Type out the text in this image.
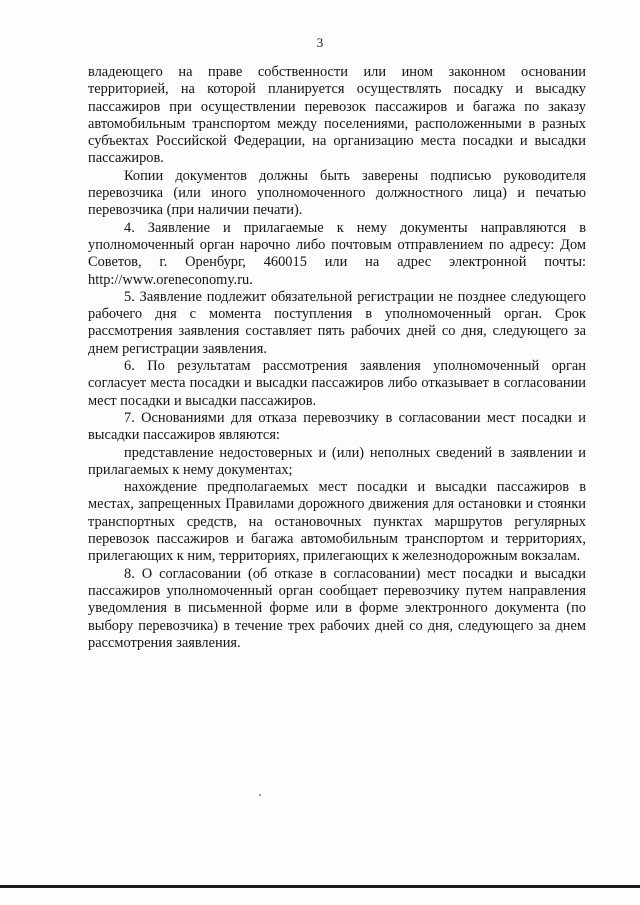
3

владеющего на праве собственности или ином законном основании территорией, на которой планируется осуществлять посадку и высадку пассажиров при осуществлении перевозок пассажиров и багажа по заказу автомобильным транспортом между поселениями, расположенными в разных субъектах Российской Федерации, на организацию места посадки и высадки пассажиров.

Копии документов должны быть заверены подписью руководителя перевозчика (или иного уполномоченного должностного лица) и печатью перевозчика (при наличии печати).

4. Заявление и прилагаемые к нему документы направляются в уполномоченный орган нарочно либо почтовым отправлением по адресу: Дом Советов, г. Оренбург, 460015 или на адрес электронной почты: http://www.oreneconomy.ru.

5. Заявление подлежит обязательной регистрации не позднее следующего рабочего дня с момента поступления в уполномоченный орган. Срок рассмотрения заявления составляет пять рабочих дней со дня, следующего за днем регистрации заявления.

6. По результатам рассмотрения заявления уполномоченный орган согласует места посадки и высадки пассажиров либо отказывает в согласовании мест посадки и высадки пассажиров.

7. Основаниями для отказа перевозчику в согласовании мест посадки и высадки пассажиров являются:

представление недостоверных и (или) неполных сведений в заявлении и прилагаемых к нему документах;

нахождение предполагаемых мест посадки и высадки пассажиров в местах, запрещенных Правилами дорожного движения для остановки и стоянки транспортных средств, на остановочных пунктах маршрутов регулярных перевозок пассажиров и багажа автомобильным транспортом и территориях, прилегающих к ним, территориях, прилегающих к железнодорожным вокзалам.

8. О согласовании (об отказе в согласовании) мест посадки и высадки пассажиров уполномоченный орган сообщает перевозчику путем направления уведомления в письменной форме или в форме электронного документа (по выбору перевозчика) в течение трех рабочих дней со дня, следующего за днем рассмотрения заявления.
